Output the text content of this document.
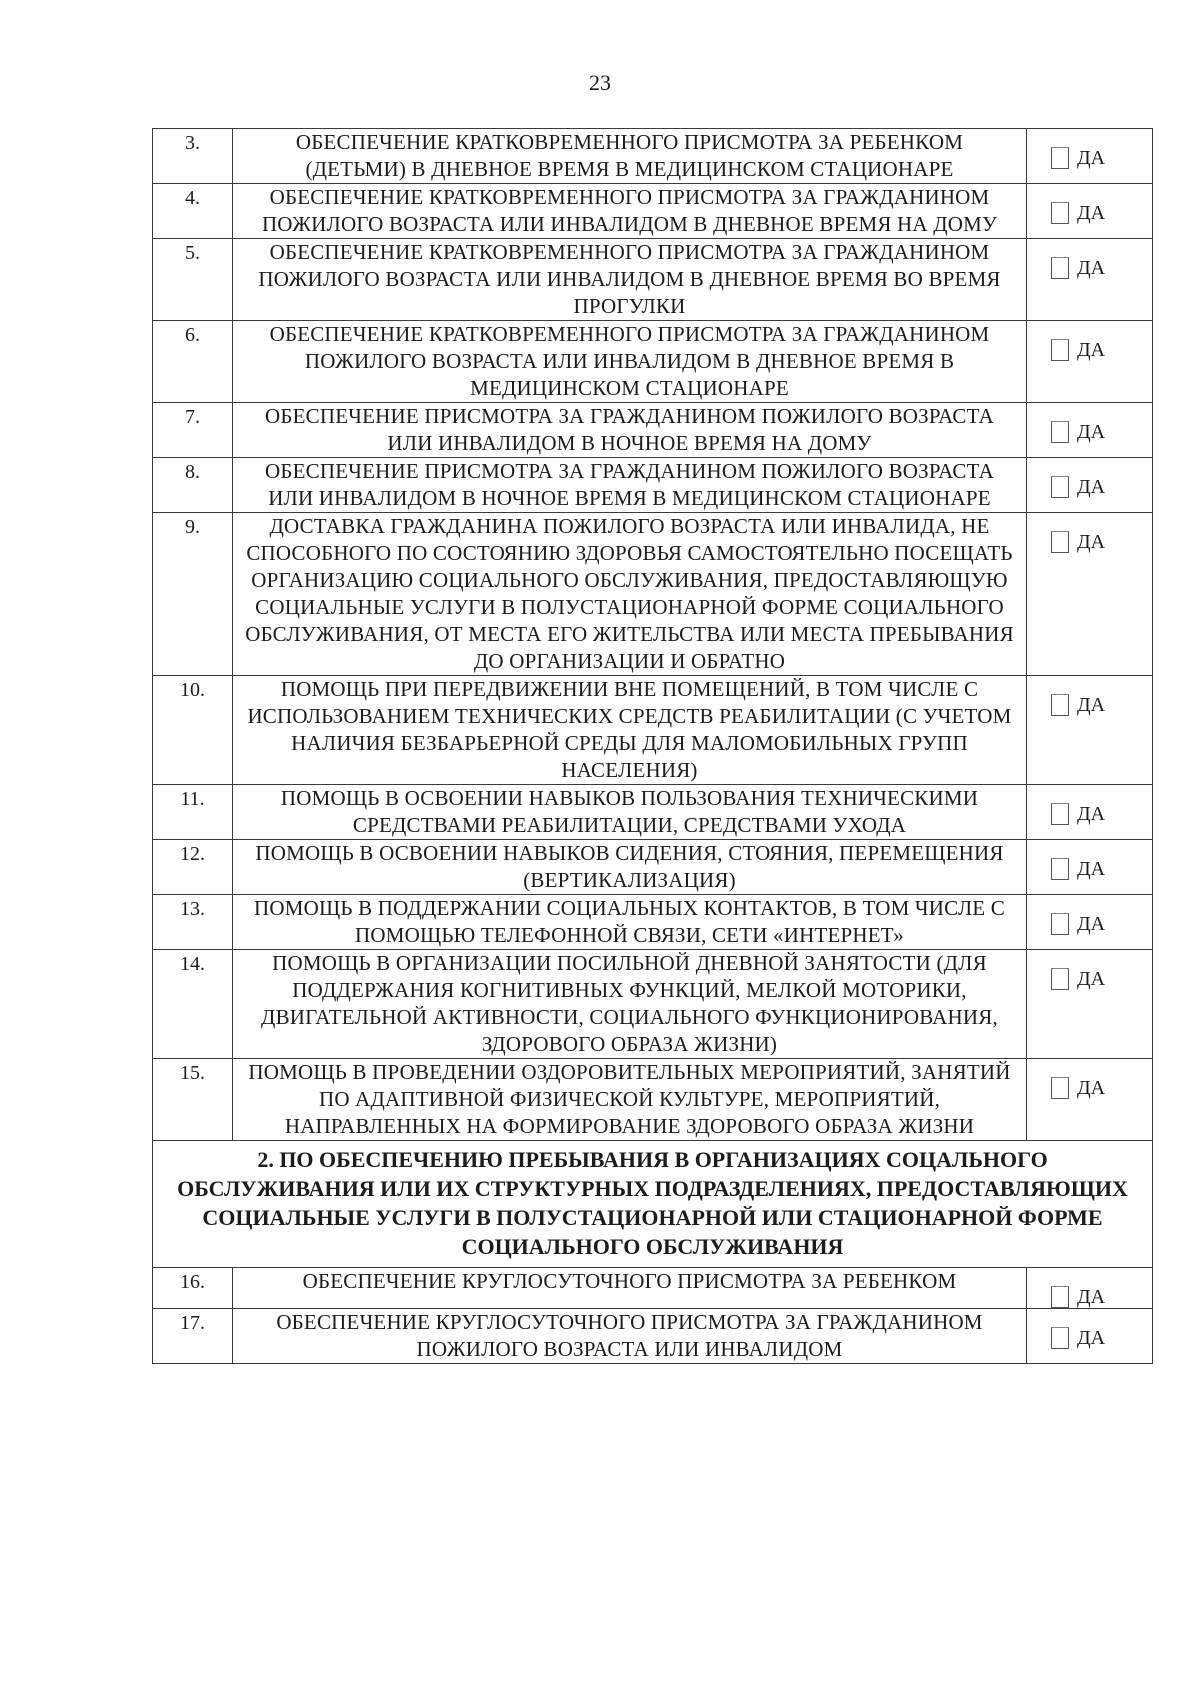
23
3.	ОБЕСПЕЧЕНИЕ КРАТКОВРЕМЕННОГО ПРИСМОТРА ЗА РЕБЕНКОМ (ДЕТЬМИ) В ДНЕВНОЕ ВРЕМЯ В МЕДИЦИНСКОМ СТАЦИОНАРЕ	ДА

4.	ОБЕСПЕЧЕНИЕ КРАТКОВРЕМЕННОГО ПРИСМОТРА ЗА ГРАЖДАНИНОМ ПОЖИЛОГО ВОЗРАСТА ИЛИ ИНВАЛИДОМ В ДНЕВНОЕ ВРЕМЯ НА ДОМУ	ДА

5.	ОБЕСПЕЧЕНИЕ КРАТКОВРЕМЕННОГО ПРИСМОТРА ЗА ГРАЖДАНИНОМ ПОЖИЛОГО ВОЗРАСТА ИЛИ ИНВАЛИДОМ В ДНЕВНОЕ ВРЕМЯ ВО ВРЕМЯ ПРОГУЛКИ	ДА

6.	ОБЕСПЕЧЕНИЕ КРАТКОВРЕМЕННОГО ПРИСМОТРА ЗА ГРАЖДАНИНОМ ПОЖИЛОГО ВОЗРАСТА ИЛИ ИНВАЛИДОМ В ДНЕВНОЕ ВРЕМЯ В МЕДИЦИНСКОМ СТАЦИОНАРЕ	ДА

7.	ОБЕСПЕЧЕНИЕ ПРИСМОТРА ЗА ГРАЖДАНИНОМ ПОЖИЛОГО ВОЗРАСТА ИЛИ ИНВАЛИДОМ В НОЧНОЕ ВРЕМЯ НА ДОМУ	ДА

8.	ОБЕСПЕЧЕНИЕ ПРИСМОТРА ЗА ГРАЖДАНИНОМ ПОЖИЛОГО ВОЗРАСТА ИЛИ ИНВАЛИДОМ В НОЧНОЕ ВРЕМЯ В МЕДИЦИНСКОМ СТАЦИОНАРЕ	ДА

9.	ДОСТАВКА ГРАЖДАНИНА ПОЖИЛОГО ВОЗРАСТА ИЛИ ИНВАЛИДА, НЕ СПОСОБНОГО ПО СОСТОЯНИЮ ЗДОРОВЬЯ САМОСТОЯТЕЛЬНО ПОСЕЩАТЬ ОРГАНИЗАЦИЮ СОЦИАЛЬНОГО ОБСЛУЖИВАНИЯ, ПРЕДОСТАВЛЯЮЩУЮ СОЦИАЛЬНЫЕ УСЛУГИ В ПОЛУСТАЦИОНАРНОЙ ФОРМЕ СОЦИАЛЬНОГО ОБСЛУЖИВАНИЯ, ОТ МЕСТА ЕГО ЖИТЕЛЬСТВА ИЛИ МЕСТА ПРЕБЫВАНИЯ ДО ОРГАНИЗАЦИИ И ОБРАТНО	ДА

10.	ПОМОЩЬ ПРИ ПЕРЕДВИЖЕНИИ ВНЕ ПОМЕЩЕНИЙ, В ТОМ ЧИСЛЕ С ИСПОЛЬЗОВАНИЕМ ТЕХНИЧЕСКИХ СРЕДСТВ РЕАБИЛИТАЦИИ (С УЧЕТОМ НАЛИЧИЯ БЕЗБАРЬЕРНОЙ СРЕДЫ ДЛЯ МАЛОМОБИЛЬНЫХ ГРУПП НАСЕЛЕНИЯ)	ДА

11.	ПОМОЩЬ В ОСВОЕНИИ НАВЫКОВ ПОЛЬЗОВАНИЯ ТЕХНИЧЕСКИМИ СРЕДСТВАМИ РЕАБИЛИТАЦИИ, СРЕДСТВАМИ УХОДА	ДА

12.	ПОМОЩЬ В ОСВОЕНИИ НАВЫКОВ СИДЕНИЯ, СТОЯНИЯ, ПЕРЕМЕЩЕНИЯ (ВЕРТИКАЛИЗАЦИЯ)	ДА

13.	ПОМОЩЬ В ПОДДЕРЖАНИИ СОЦИАЛЬНЫХ КОНТАКТОВ, В ТОМ ЧИСЛЕ С ПОМОЩЬЮ ТЕЛЕФОННОЙ СВЯЗИ, СЕТИ «ИНТЕРНЕТ»	ДА

14.	ПОМОЩЬ В ОРГАНИЗАЦИИ ПОСИЛЬНОЙ ДНЕВНОЙ ЗАНЯТОСТИ (ДЛЯ ПОДДЕРЖАНИЯ КОГНИТИВНЫХ ФУНКЦИЙ, МЕЛКОЙ МОТОРИКИ, ДВИГАТЕЛЬНОЙ АКТИВНОСТИ, СОЦИАЛЬНОГО ФУНКЦИОНИРОВАНИЯ, ЗДОРОВОГО ОБРАЗА ЖИЗНИ)	ДА

15.	ПОМОЩЬ В ПРОВЕДЕНИИ ОЗДОРОВИТЕЛЬНЫХ МЕРОПРИЯТИЙ, ЗАНЯТИЙ ПО АДАПТИВНОЙ ФИЗИЧЕСКОЙ КУЛЬТУРЕ, МЕРОПРИЯТИЙ, НАПРАВЛЕННЫХ НА ФОРМИРОВАНИЕ ЗДОРОВОГО ОБРАЗА ЖИЗНИ	ДА

2. ПО ОБЕСПЕЧЕНИЮ ПРЕБЫВАНИЯ В ОРГАНИЗАЦИЯХ СОЦАЛЬНОГО ОБСЛУЖИВАНИЯ ИЛИ ИХ СТРУКТУРНЫХ ПОДРАЗДЕЛЕНИЯХ, ПРЕДОСТАВЛЯЮЩИХ СОЦИАЛЬНЫЕ УСЛУГИ В ПОЛУСТАЦИОНАРНОЙ ИЛИ СТАЦИОНАРНОЙ ФОРМЕ СОЦИАЛЬНОГО ОБСЛУЖИВАНИЯ		
16.	ОБЕСПЕЧЕНИЕ КРУГЛОСУТОЧНОГО ПРИСМОТРА ЗА РЕБЕНКОМ	ДА

17.	ОБЕСПЕЧЕНИЕ КРУГЛОСУТОЧНОГО ПРИСМОТРА ЗА ГРАЖДАНИНОМ ПОЖИЛОГО ВОЗРАСТА ИЛИ ИНВАЛИДОМ	ДА
